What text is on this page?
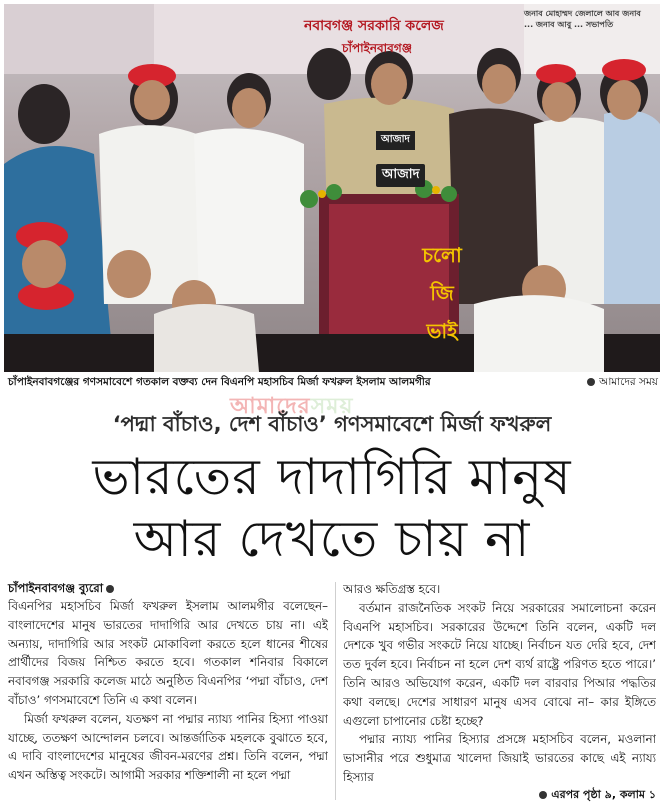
নবাবগঞ্জ সরকারি কলেজ
চাঁপাইনবাবগঞ্জ
জনাব মোহাম্মদ জেলালে আব জনাব ... জনাব আবু ... সভাপতি
আজাদ
আজাদ
চলো জি ভাই
চাঁপাইনবাবগঞ্জের গণসমাবেশে গতকাল বক্তব্য দেন বিএনপি মহাসচিব মির্জা ফখরুল ইসলাম আলমগীর	আমাদের সময়
আমাদেরসময়
‘পদ্মা বাঁচাও, দেশ বাঁচাও’ গণসমাবেশে মির্জা ফখরুল
ভারতের দাদাগিরি মানুষ
আর দেখতে চায় না
চাঁপাইনবাবগঞ্জ ব্যুরো

বিএনপির মহাসচিব মির্জা ফখরুল ইসলাম আলমগীর বলেছেন– বাংলাদেশের মানুষ ভারতের দাদাগিরি আর দেখতে চায় না। এই অন্যায়, দাদাগিরি আর সংকট মোকাবিলা করতে হলে ধানের শীষের প্রার্থীদের বিজয় নিশ্চিত করতে হবে। গতকাল শনিবার বিকালে নবাবগঞ্জ সরকারি কলেজ মাঠে অনুষ্ঠিত বিএনপির ‘পদ্মা বাঁচাও, দেশ বাঁচাও’ গণসমাবেশে তিনি এ কথা বলেন।

মির্জা ফখরুল বলেন, যতক্ষণ না পদ্মার ন্যায্য পানির হিস্যা পাওয়া যাচ্ছে, ততক্ষণ আন্দোলন চলবে। আন্তর্জাতিক মহলকে বুঝাতে হবে, এ দাবি বাংলাদেশের মানুষের জীবন-মরণের প্রশ্ন। তিনি বলেন, পদ্মা এখন অস্তিত্ব সংকটে। আগামী সরকার শক্তিশালী না হলে পদ্মা

আরও ক্ষতিগ্রস্ত হবে।

বর্তমান রাজনৈতিক সংকট নিয়ে সরকারের সমালোচনা করেন বিএনপি মহাসচিব। সরকারের উদ্দেশে তিনি বলেন, একটি দল দেশকে খুব গভীর সংকটে নিয়ে যাচ্ছে। নির্বাচন যত দেরি হবে, দেশ তত দুর্বল হবে। নির্বাচন না হলে দেশ ব্যর্থ রাষ্ট্রে পরিণত হতে পারে।’ তিনি আরও অভিযোগ করেন, একটি দল বারবার পিআর পদ্ধতির কথা বলছে। দেশের সাধারণ মানুষ এসব বোঝে না– কার ইঙ্গিতে এগুলো চাপানোর চেষ্টা হচ্ছে?

পদ্মার ন্যায্য পানির হিস্যার প্রসঙ্গে মহাসচিব বলেন, মওলানা ভাসানীর পরে শুধুমাত্র খালেদা জিয়াই ভারতের কাছে এই ন্যায্য হিস্যার

এরপর পৃষ্ঠা ৯, কলাম ১
